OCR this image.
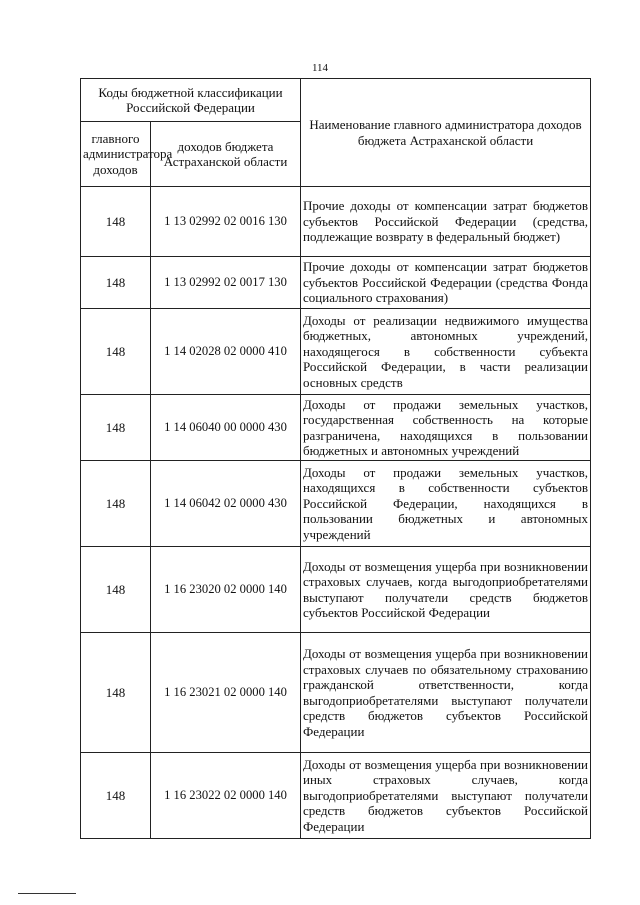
114
Коды бюджетной классификации Российской Федерации		Наименование главного администратора доходов бюджета Астраханской области
главного администратора доходов	доходов бюджета Астраханской области	
148	1 13 02992 02 0016 130	Прочие доходы от компенсации затрат бюджетов субъектов Российской Федерации (средства, подлежащие возврату в федеральный бюджет)
148	1 13 02992 02 0017 130	Прочие доходы от компенсации затрат бюджетов субъектов Российской Федерации (средства Фонда социального страхования)
148	1 14 02028 02 0000 410	Доходы от реализации недвижимого имущества бюджетных, автономных учреждений, находящегося в собственности субъекта Российской Федерации, в части реализации основных средств
148	1 14 06040 00 0000 430	Доходы от продажи земельных участков, государственная собственность на которые разграничена, находящихся в пользовании бюджетных и автономных учреждений
148	1 14 06042 02 0000 430	Доходы от продажи земельных участков, находящихся в собственности субъектов Российской Федерации, находящихся в пользовании бюджетных и автономных учреждений
148	1 16 23020 02 0000 140	Доходы от возмещения ущерба при возникновении страховых случаев, когда выгодоприобретателями выступают получатели средств бюджетов субъектов Российской Федерации
148	1 16 23021 02 0000 140	Доходы от возмещения ущерба при возникновении страховых случаев по обязательному страхованию гражданской ответственности, когда выгодоприобретателями выступают получатели средств бюджетов субъектов Российской Федерации
148	1 16 23022 02 0000 140	Доходы от возмещения ущерба при возникновении иных страховых случаев, когда выгодоприобретателями выступают получатели средств бюджетов субъектов Российской Федерации
